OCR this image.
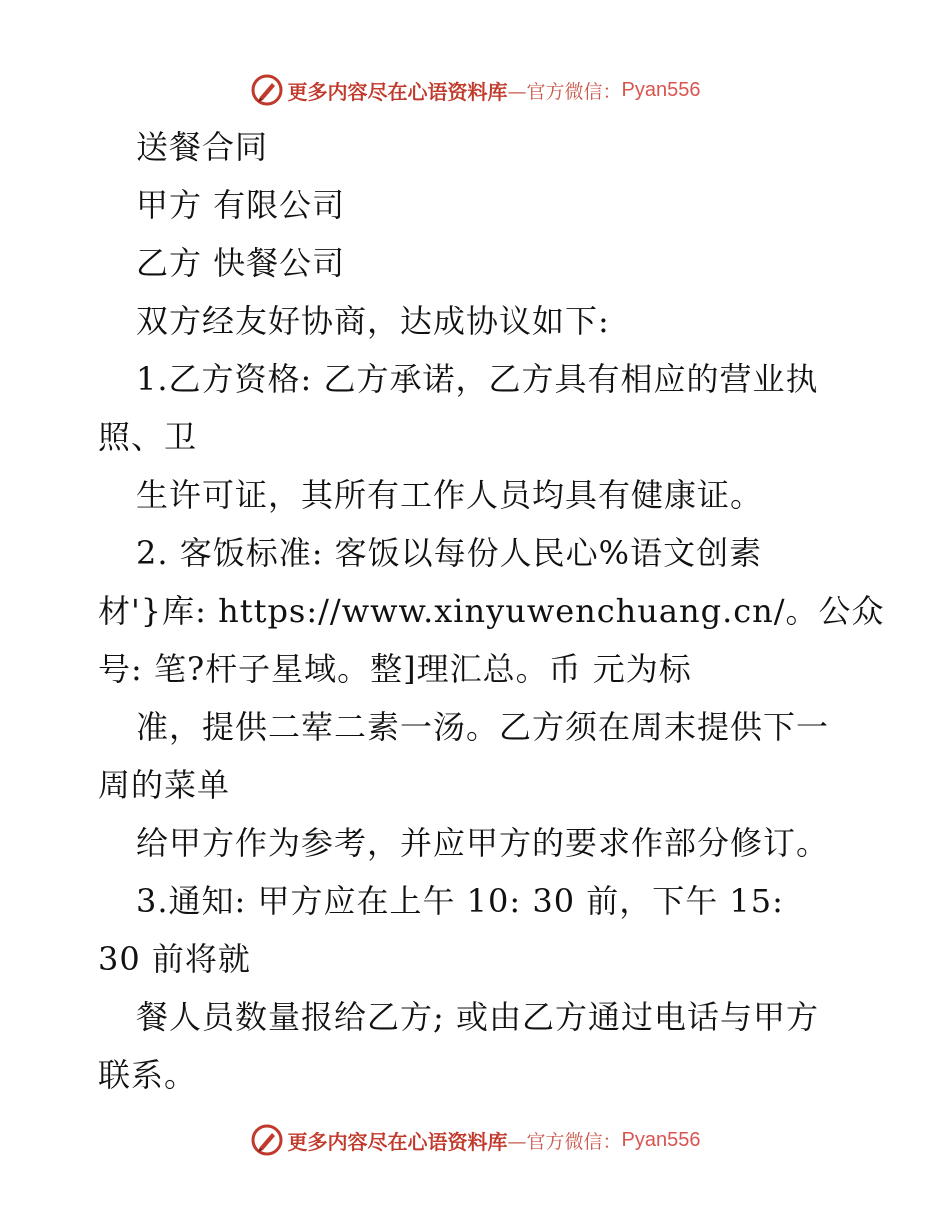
更多内容尽在心语资料库 —官方微信： Pyan556
送餐合同
甲方 有限公司
乙方 快餐公司
双方经友好协商，达成协议如下:
1.乙方资格: 乙方承诺，乙方具有相应的营业执
照、卫
生许可证，其所有工作人员均具有健康证。
2. 客饭标准: 客饭以每份人民心%语文创素
材'}库: https://www.xinyuwenchuang.cn/。公众
号: 笔?杆子星域。整]理汇总。币 元为标
准，提供二荤二素一汤。乙方须在周末提供下一
周的菜单
给甲方作为参考，并应甲方的要求作部分修订。
3.通知: 甲方应在上午 10: 30 前，下午 15:
30 前将就
餐人员数量报给乙方; 或由乙方通过电话与甲方
联系。
更多内容尽在心语资料库 —官方微信： Pyan556
